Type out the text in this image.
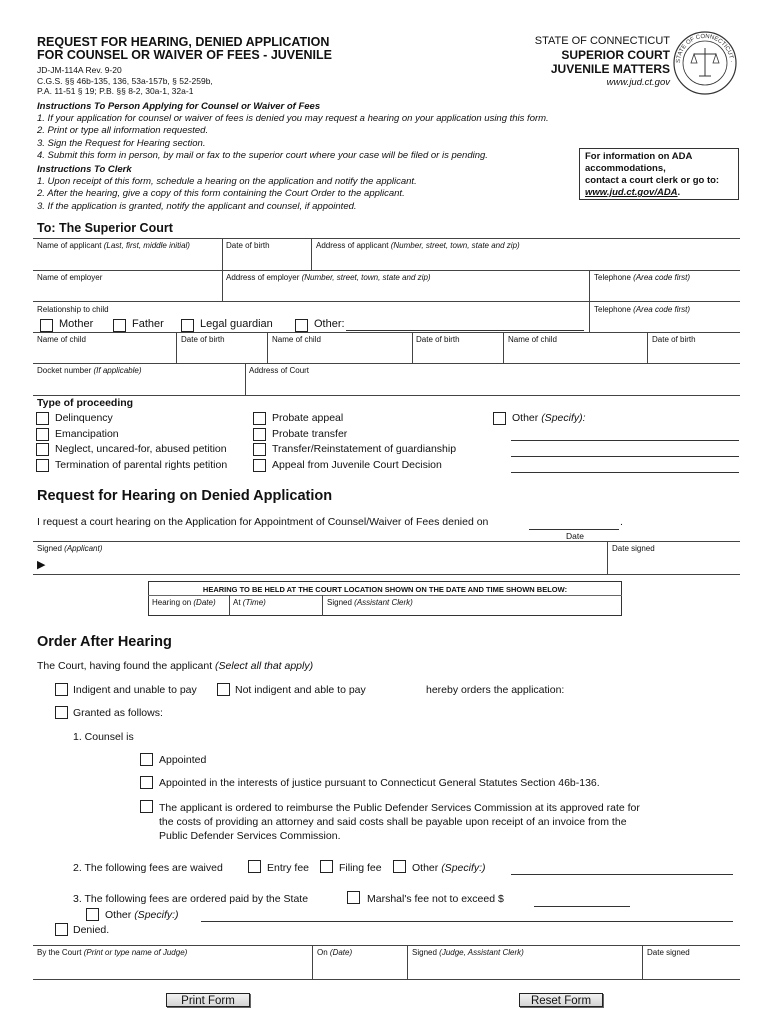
REQUEST FOR HEARING, DENIED APPLICATION
FOR COUNSEL OR WAIVER OF FEES - JUVENILE
JD-JM-114A Rev. 9-20
C.G.S. §§ 46b-135, 136, 53a-157b, § 52-259b,
P.A. 11-51 § 19; P.B. §§ 8-2, 30a-1, 32a-1
STATE OF CONNECTICUT
SUPERIOR COURT
JUVENILE MATTERS
www.jud.ct.gov
STATE OF CONNECTICUT ·
Instructions To Person Applying for Counsel or Waiver of Fees
1. If your application for counsel or waiver of fees is denied you may request a hearing on your application using this form.
2. Print or type all information requested.
3. Sign the Request for Hearing section.
4. Submit this form in person, by mail or fax to the superior court where your case will be filed or is pending.
Instructions To Clerk
1. Upon receipt of this form, schedule a hearing on the application and notify the applicant.
2. After the hearing, give a copy of this form containing the Court Order to the applicant.
3. If the application is granted, notify the applicant and counsel, if appointed.
For information on ADA
accommodations,
contact a court clerk or go to:
www.jud.ct.gov/ADA.
To: The Superior Court
Name of applicant (Last, first, middle initial)	Date of birth	Address of applicant (Number, street, town, state and zip)
Name of employer	Address of employer (Number, street, town, state and zip)	Telephone (Area code first)
Relationship to child	Telephone (Area code first)
Mother	Father	Legal guardian	Other:
Name of child	Date of birth	Name of child	Date of birth	Name of child	Date of birth
Docket number (If applicable)	Address of Court
Type of proceeding
Delinquency
Emancipation
Neglect, uncared-for, abused petition
Termination of parental rights petition
Probate appeal
Probate transfer
Transfer/Reinstatement of guardianship
Appeal from Juvenile Court Decision
Other (Specify):
Request for Hearing on Denied Application
I request a court hearing on the Application for Appointment of Counsel/Waiver of Fees denied on	.
Date
Signed (Applicant)	Date signed
▶
HEARING TO BE HELD AT THE COURT LOCATION SHOWN ON THE DATE AND TIME SHOWN BELOW:
Hearing on (Date) At (Time)	Signed (Assistant Clerk)
Order After Hearing
The Court, having found the applicant (Select all that apply)
Indigent and unable to pay	Not indigent and able to pay	hereby orders the application:
Granted as follows:
1. Counsel is
Appointed
Appointed in the interests of justice pursuant to Connecticut General Statutes Section 46b-136.
The applicant is ordered to reimburse the Public Defender Services Commission at its approved rate for
the costs of providing an attorney and said costs shall be payable upon receipt of an invoice from the
Public Defender Services Commission.
2. The following fees are waived	Entry fee	Filing fee	Other (Specify:)
3. The following fees are ordered paid by the State	Marshal's fee not to exceed $
Other (Specify:)
Denied.
By the Court (Print or type name of Judge)	On (Date)	Signed (Judge, Assistant Clerk)	Date signed
Print Form	Reset Form
